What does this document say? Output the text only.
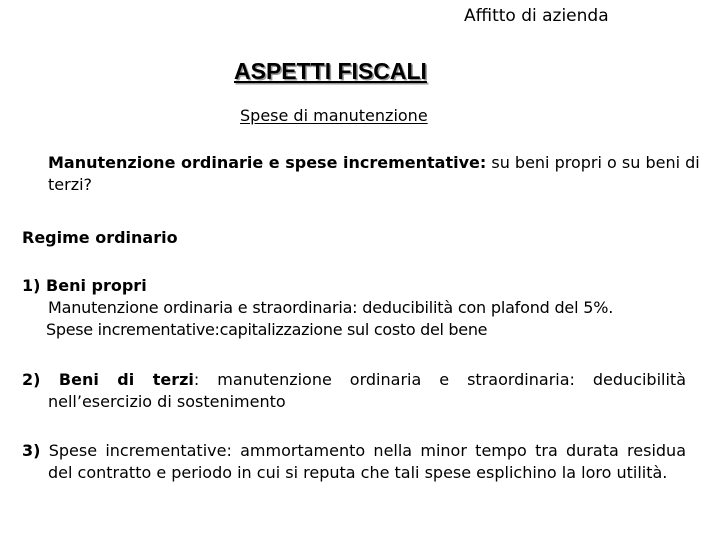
Affitto di azienda
ASPETTI FISCALI
Spese di manutenzione
Manutenzione ordinarie e spese incrementative: su beni propri o su beni di terzi?
Regime ordinario
1) Beni propri
Manutenzione ordinaria e straordinaria: deducibilità con plafond del 5%.
Spese incrementative:capitalizzazione sul costo del bene
2) Beni di terzi: manutenzione ordinaria e straordinaria: deducibilità nell’esercizio di sostenimento
3) Spese incrementative: ammortamento nella minor tempo tra durata residua del contratto e periodo in cui si reputa che tali spese esplichino la loro utilità.
